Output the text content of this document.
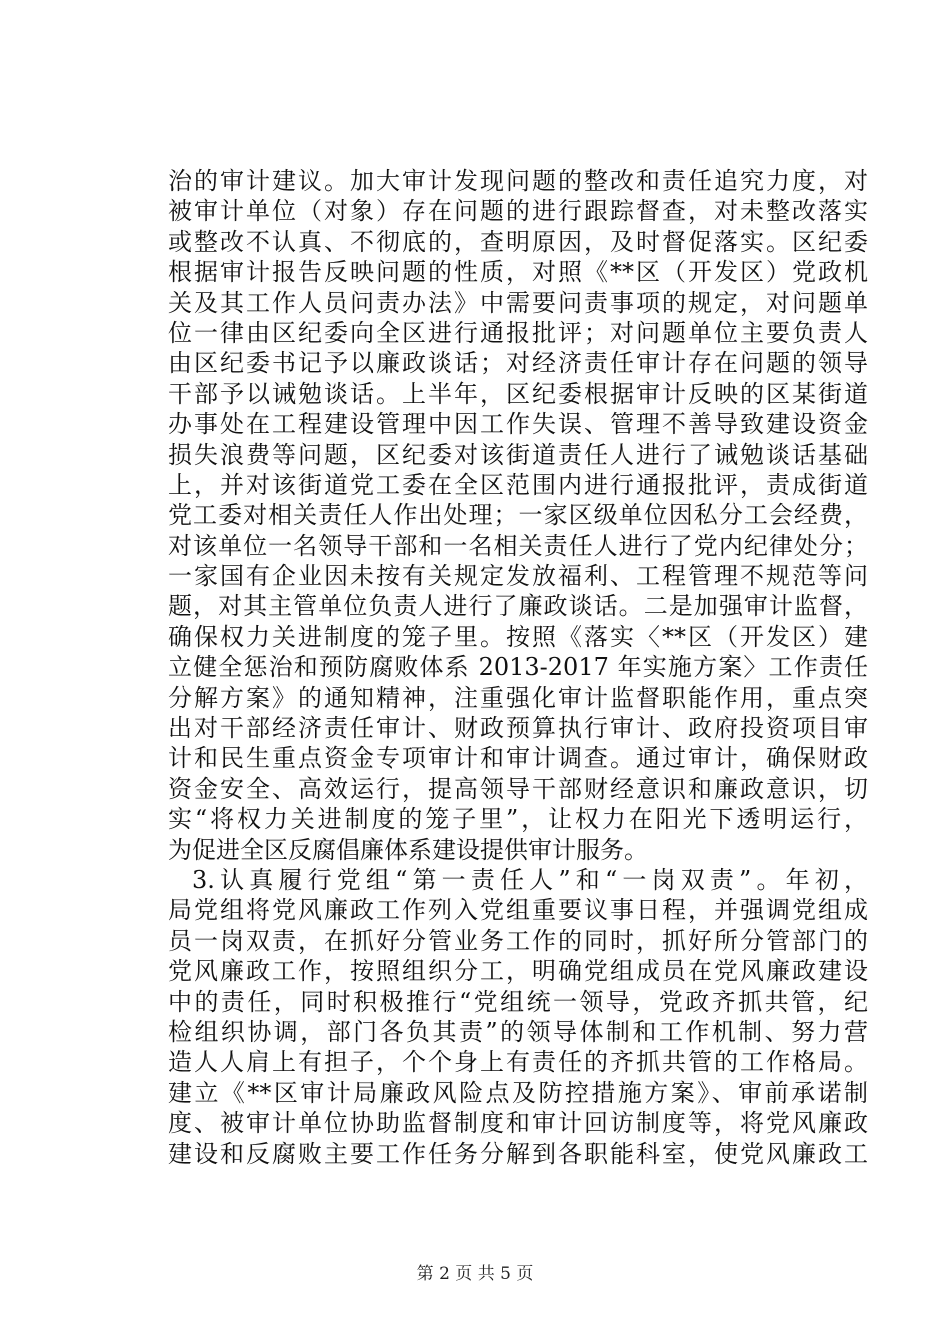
治的审计建议。加大审计发现问题的整改和责任追究力度，对
被审计单位（对象）存在问题的进行跟踪督查，对未整改落实
或整改不认真、不彻底的，查明原因，及时督促落实。区纪委
根据审计报告反映问题的性质，对照《**区（开发区）党政机
关及其工作人员问责办法》中需要问责事项的规定，对问题单
位一律由区纪委向全区进行通报批评；对问题单位主要负责人
由区纪委书记予以廉政谈话；对经济责任审计存在问题的领导
干部予以诫勉谈话。上半年，区纪委根据审计反映的区某街道
办事处在工程建设管理中因工作失误、管理不善导致建设资金
损失浪费等问题，区纪委对该街道责任人进行了诫勉谈话基础
上，并对该街道党工委在全区范围内进行通报批评，责成街道
党工委对相关责任人作出处理；一家区级单位因私分工会经费，
对该单位一名领导干部和一名相关责任人进行了党内纪律处分；
一家国有企业因未按有关规定发放福利、工程管理不规范等问
题，对其主管单位负责人进行了廉政谈话。二是加强审计监督，
确保权力关进制度的笼子里。按照《落实〈**区（开发区）建
立健全惩治和预防腐败体系 2013-2017 年实施方案〉工作责任
分解方案》的通知精神，注重强化审计监督职能作用，重点突
出对干部经济责任审计、财政预算执行审计、政府投资项目审
计和民生重点资金专项审计和审计调查。通过审计，确保财政
资金安全、高效运行，提高领导干部财经意识和廉政意识，切
实“将权力关进制度的笼子里”，让权力在阳光下透明运行，
为促进全区反腐倡廉体系建设提供审计服务。
3.认真履行党组“第一责任人”和“一岗双责”。年初，
局党组将党风廉政工作列入党组重要议事日程，并强调党组成
员一岗双责，在抓好分管业务工作的同时，抓好所分管部门的
党风廉政工作，按照组织分工，明确党组成员在党风廉政建设
中的责任，同时积极推行“党组统一领导，党政齐抓共管，纪
检组织协调，部门各负其责”的领导体制和工作机制、努力营
造人人肩上有担子，个个身上有责任的齐抓共管的工作格局。
建立《**区审计局廉政风险点及防控措施方案》、审前承诺制
度、被审计单位协助监督制度和审计回访制度等，将党风廉政
建设和反腐败主要工作任务分解到各职能科室，使党风廉政工
第 2 页 共 5 页
